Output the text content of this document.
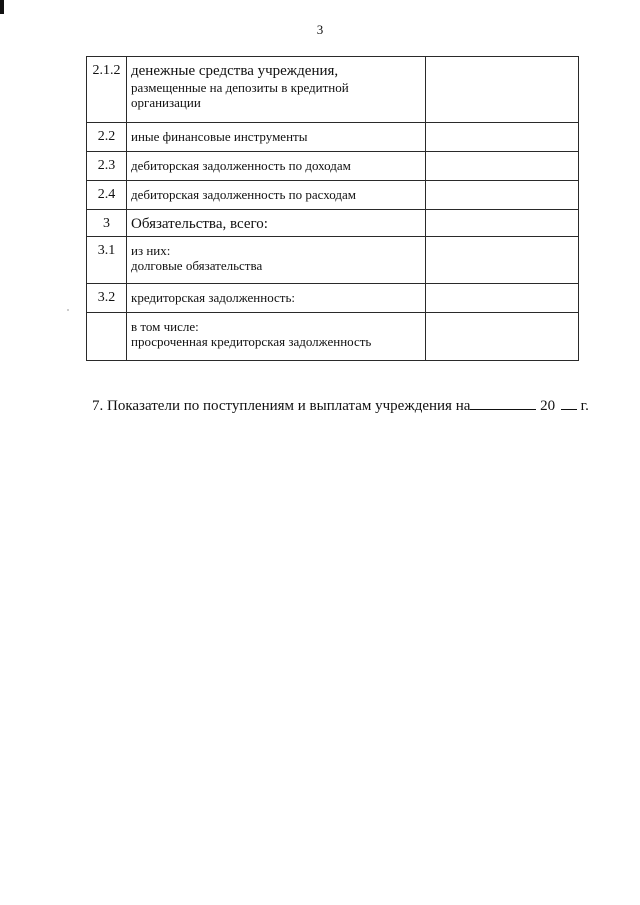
3
2.1.2	денежные средства учреждения,
размещенные на депозиты в кредитной
организации	

2.2	иные финансовые инструменты	

2.3	дебиторская задолженность по доходам	

2.4	дебиторская задолженность по расходам	

3	Обязательства, всего:	

3.1	из них:
долговые обязательства	

3.2	кредиторская задолженность:	

	в том числе:
просроченная кредиторская задолженность	

7. Показатели по поступлениям и выплатам учреждения на	20 г.
